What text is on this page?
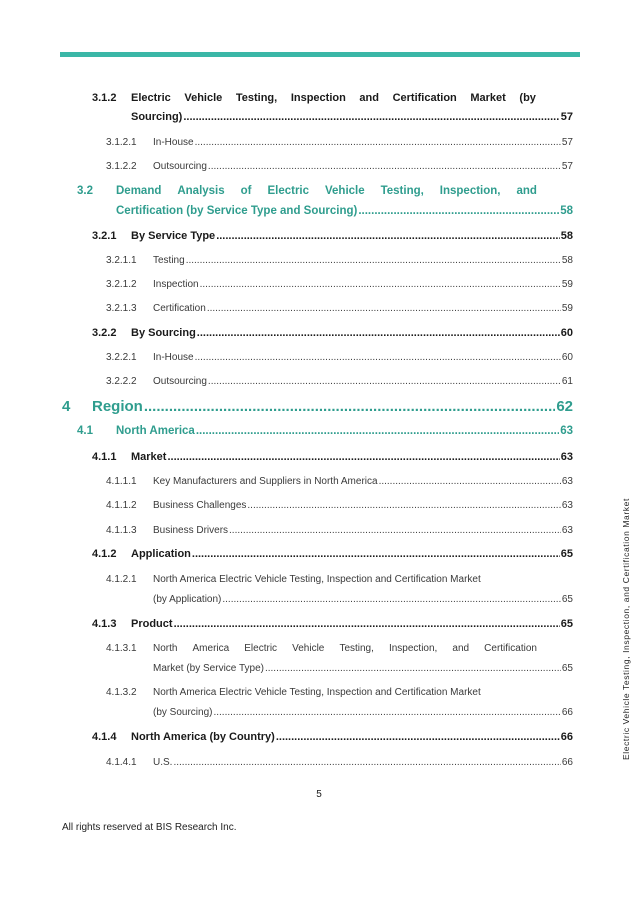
3.1.2 Electric Vehicle Testing, Inspection and Certification Market (by
Sourcing) .....	57
3.1.2.1	In-House .....	57
3.1.2.2	Outsourcing .....	57
3.2 Demand Analysis of Electric Vehicle Testing, Inspection, and
Certification (by Service Type and Sourcing) .....	58
3.2.1	By Service Type .....	58
3.2.1.1	Testing .....	58
3.2.1.2	Inspection .....	59
3.2.1.3	Certification .....	59
3.2.2	By Sourcing .....	60
3.2.2.1	In-House .....	60
3.2.2.2	Outsourcing .....	61
4	Region .....	62
4.1	North America .....	63
4.1.1	Market .....	63
4.1.1.1	Key Manufacturers and Suppliers in North America .....	63
4.1.1.2	Business Challenges .....	63
4.1.1.3	Business Drivers .....	63
4.1.2	Application .....	65
4.1.2.1 North America Electric Vehicle Testing, Inspection and Certification Market
(by Application) .....	65
4.1.3	Product .....	65
4.1.3.1 North America Electric Vehicle Testing, Inspection, and Certification
Market (by Service Type) .....	65
4.1.3.2 North America Electric Vehicle Testing, Inspection and Certification Market
(by Sourcing) .....	66
4.1.4	North America (by Country) .....	66
4.1.4.1	U.S. .....	66
Electric Vehicle Testing, Inspection, and Certification Market
5
All rights reserved at BIS Research Inc.
